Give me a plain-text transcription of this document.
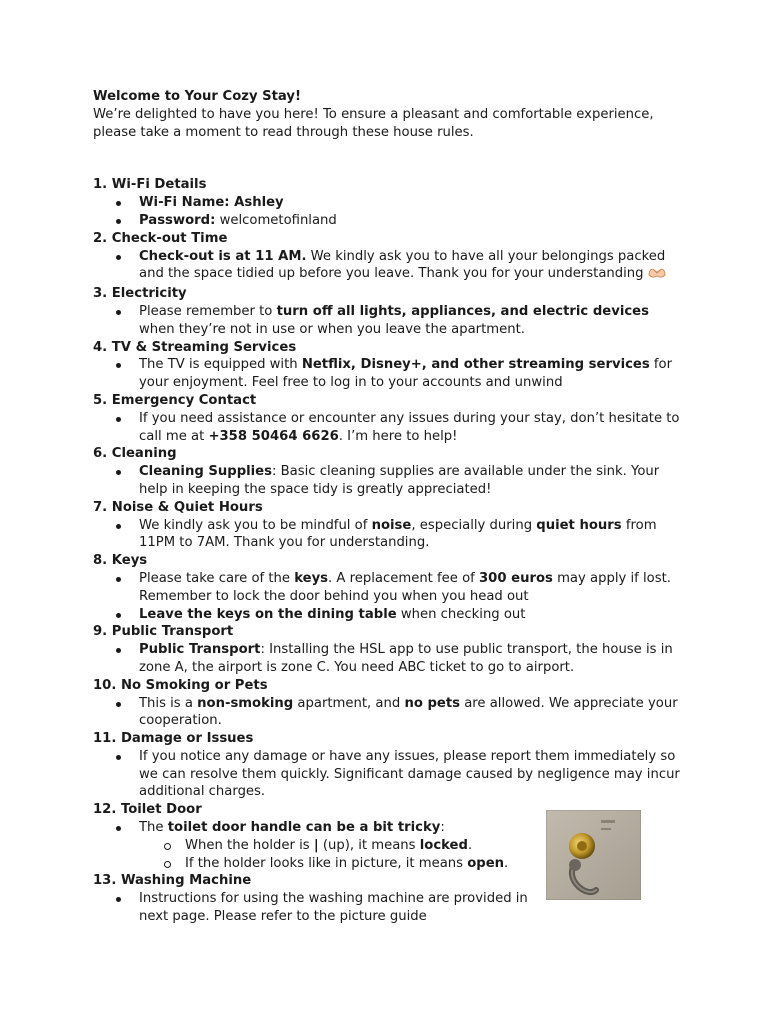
Welcome to Your Cozy Stay!

We’re delighted to have you here! To ensure a pleasant and comfortable experience, please take a moment to read through these house rules.

1. Wi-Fi Details
Wi-Fi Name: Ashley
Password: welcometofinland
2. Check-out Time
Check-out is at 11 AM. We kindly ask you to have all your belongings packed and the space tidied up before you leave. Thank you for your understanding
3. Electricity
Please remember to turn off all lights, appliances, and electric devices when they’re not in use or when you leave the apartment.
4. TV & Streaming Services
The TV is equipped with Netflix, Disney+, and other streaming services for your enjoyment. Feel free to log in to your accounts and unwind
5. Emergency Contact
If you need assistance or encounter any issues during your stay, don’t hesitate to call me at +358 50464 6626. I’m here to help!
6. Cleaning
Cleaning Supplies: Basic cleaning supplies are available under the sink. Your help in keeping the space tidy is greatly appreciated!
7. Noise & Quiet Hours
We kindly ask you to be mindful of noise, especially during quiet hours from 11PM to 7AM. Thank you for understanding.
8. Keys
Please take care of the keys. A replacement fee of 300 euros may apply if lost. Remember to lock the door behind you when you head out
Leave the keys on the dining table when checking out
9. Public Transport
Public Transport: Installing the HSL app to use public transport, the house is in zone A, the airport is zone C. You need ABC ticket to go to airport.
10. No Smoking or Pets
This is a non-smoking apartment, and no pets are allowed. We appreciate your cooperation.
11. Damage or Issues
If you notice any damage or have any issues, please report them immediately so we can resolve them quickly. Significant damage caused by negligence may incur additional charges.
12. Toilet Door
The toilet door handle can be a bit tricky:
When the holder is | (up), it means locked.
If the holder looks like in picture, it means open.
13. Washing Machine
Instructions for using the washing machine are provided in next page. Please refer to the picture guide
